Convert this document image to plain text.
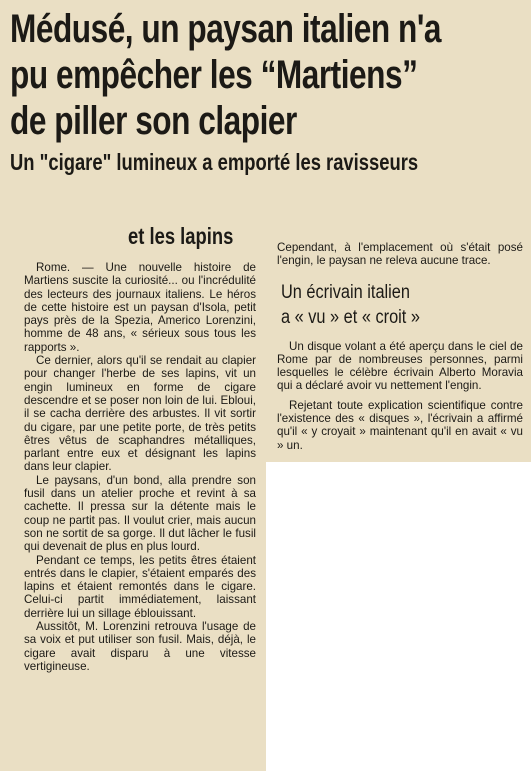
Médusé, un paysan italien n'a
pu empêcher les “Martiens”
de piller son clapier
Un "cigare" lumineux a emporté les ravisseurs
et les lapins

Rome. — Une nouvelle histoire de Martiens suscite la curiosité... ou l'incrédulité des lecteurs des journaux italiens. Le héros de cette histoire est un paysan d'Isola, petit pays près de la Spezia, Americo Lorenzini, homme de 48 ans, « sérieux sous tous les rapports ».

Ce dernier, alors qu'il se rendait au clapier pour changer l'herbe de ses lapins, vit un engin lumineux en forme de cigare descendre et se poser non loin de lui. Ebloui, il se cacha derrière des arbustes. Il vit sortir du cigare, par une petite porte, de très petits êtres vêtus de scaphandres métalliques, parlant entre eux et désignant les lapins dans leur clapier.

Le paysans, d'un bond, alla prendre son fusil dans un atelier proche et revint à sa cachette. Il pressa sur la détente mais le coup ne partit pas. Il voulut crier, mais aucun son ne sortit de sa gorge. Il dut lâcher le fusil qui devenait de plus en plus lourd.

Pendant ce temps, les petits êtres étaient entrés dans le clapier, s'étaient emparés des lapins et étaient remontés dans le cigare. Celui-ci partit immédiatement, laissant derrière lui un sillage éblouissant.

Aussitôt, M. Lorenzini retrouva l'usage de sa voix et put utiliser son fusil. Mais, déjà, le cigare avait disparu à une vitesse vertigineuse.

Cependant, à l'emplacement où s'était posé l'engin, le paysan ne releva aucune trace.

Un écrivain italien
a « vu » et « croit »

Un disque volant a été aperçu dans le ciel de Rome par de nombreuses personnes, parmi lesquelles le célèbre écrivain Alberto Moravia qui a déclaré avoir vu nettement l'engin.

Rejetant toute explication scientifique contre l'existence des « disques », l'écrivain a affirmé qu'il « y croyait » maintenant qu'il en avait « vu » un.
